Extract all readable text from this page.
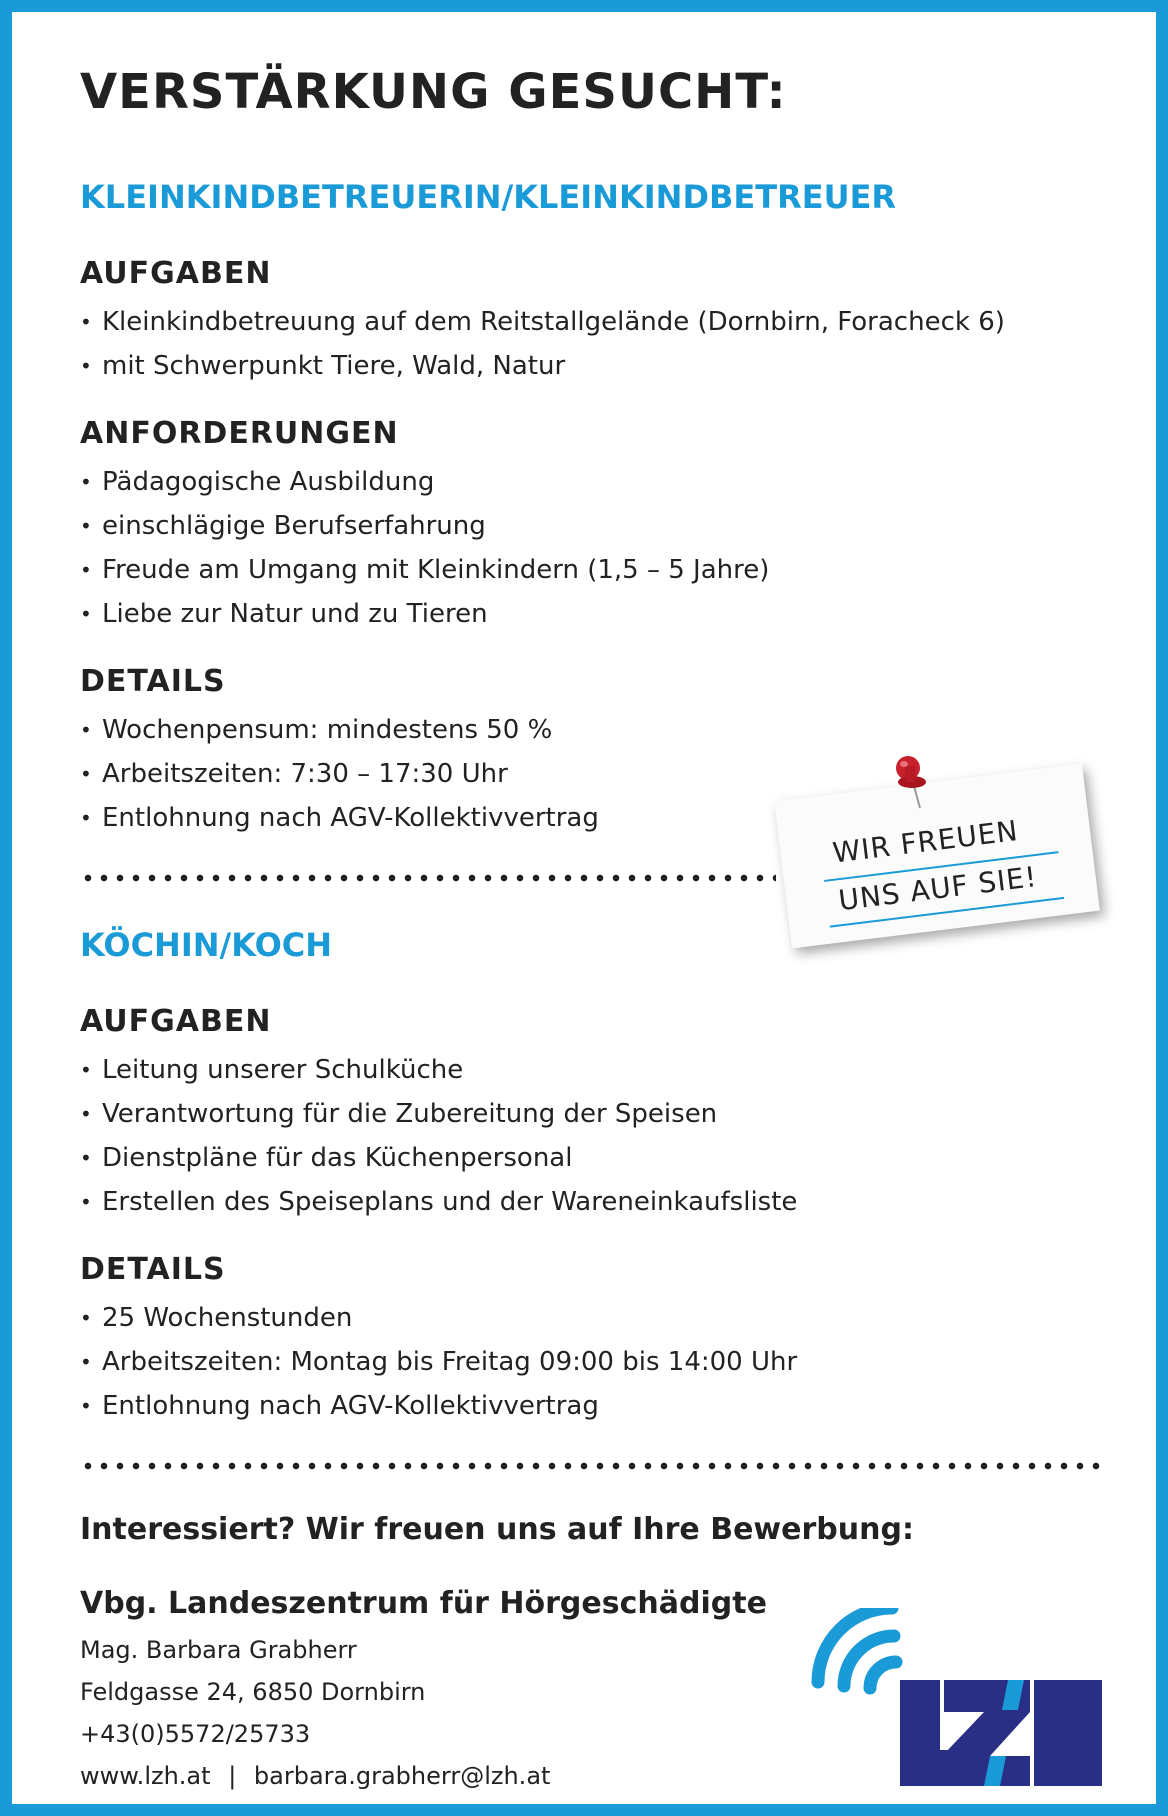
VERSTÄRKUNG GESUCHT:
KLEINKINDBETREUERIN/KLEINKINDBETREUER
AUFGABEN
• Kleinkindbetreuung auf dem Reitstallgelände (Dornbirn, Foracheck 6)
• mit Schwerpunkt Tiere, Wald, Natur
ANFORDERUNGEN
• Pädagogische Ausbildung
• einschlägige Berufserfahrung
• Freude am Umgang mit Kleinkindern (1,5 – 5 Jahre)
• Liebe zur Natur und zu Tieren
DETAILS
• Wochenpensum: mindestens 50 %
• Arbeitszeiten: 7:30 – 17:30 Uhr
• Entlohnung nach AGV-Kollektivvertrag	WIR FREUEN
UNS AUF SIE!
KÖCHIN/KOCH
AUFGABEN
• Leitung unserer Schulküche
• Verantwortung für die Zubereitung der Speisen
• Dienstpläne für das Küchenpersonal
• Erstellen des Speiseplans und der Wareneinkaufsliste
DETAILS
• 25 Wochenstunden
• Arbeitszeiten: Montag bis Freitag 09:00 bis 14:00 Uhr
• Entlohnung nach AGV-Kollektivvertrag
Interessiert? Wir freuen uns auf Ihre Bewerbung:
Vbg. Landeszentrum für Hörgeschädigte
Mag. Barbara Grabherr
Feldgasse 24, 6850 Dornbirn
+43(0)5572/25733
www.lzh.at | barbara.grabherr@lzh.at
LZH
